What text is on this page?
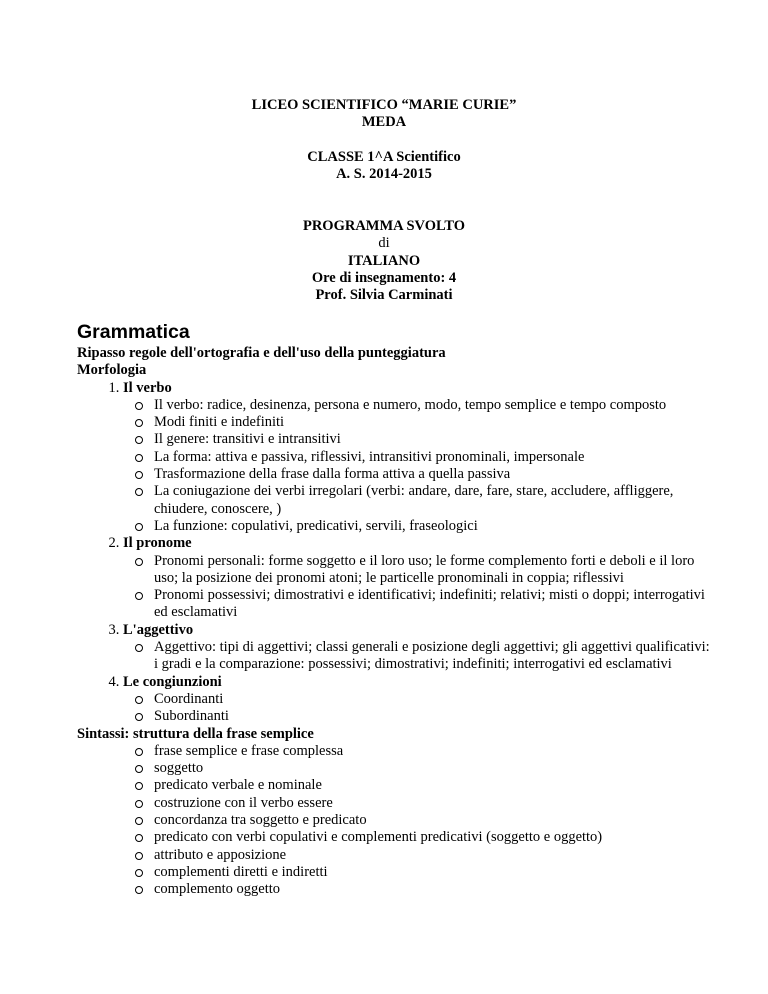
LICEO SCIENTIFICO “MARIE CURIE”
MEDA
CLASSE 1^A Scientifico
A. S. 2014-2015
PROGRAMMA SVOLTO
di
ITALIANO
Ore di insegnamento: 4
Prof. Silvia Carminati
Grammatica
Ripasso regole dell'ortografia e dell'uso della punteggiatura
Morfologia
1. Il verbo
Il verbo: radice, desinenza, persona e numero, modo, tempo semplice e tempo composto
Modi finiti e indefiniti
Il genere: transitivi e intransitivi
La forma: attiva e passiva, riflessivi, intransitivi pronominali, impersonale
Trasformazione della frase dalla forma attiva a quella passiva
La coniugazione dei verbi irregolari (verbi: andare, dare, fare, stare, accludere, affliggere, chiudere, conoscere, )
La funzione: copulativi, predicativi, servili, fraseologici
2. Il pronome
Pronomi personali: forme soggetto e il loro uso; le forme complemento forti e deboli e il loro uso; la posizione dei pronomi atoni; le particelle pronominali in coppia; riflessivi
Pronomi possessivi; dimostrativi e identificativi; indefiniti; relativi; misti o doppi; interrogativi ed esclamativi
3. L'aggettivo
Aggettivo: tipi di aggettivi; classi generali e posizione degli aggettivi; gli aggettivi qualificativi: i gradi e la comparazione: possessivi; dimostrativi; indefiniti; interrogativi ed esclamativi
4. Le congiunzioni
Coordinanti
Subordinanti
Sintassi: struttura della frase semplice
frase semplice e frase complessa
soggetto
predicato verbale e nominale
costruzione con il verbo essere
concordanza tra soggetto e predicato
predicato con verbi copulativi e complementi predicativi (soggetto e oggetto)
attributo e apposizione
complementi diretti e indiretti
complemento oggetto
